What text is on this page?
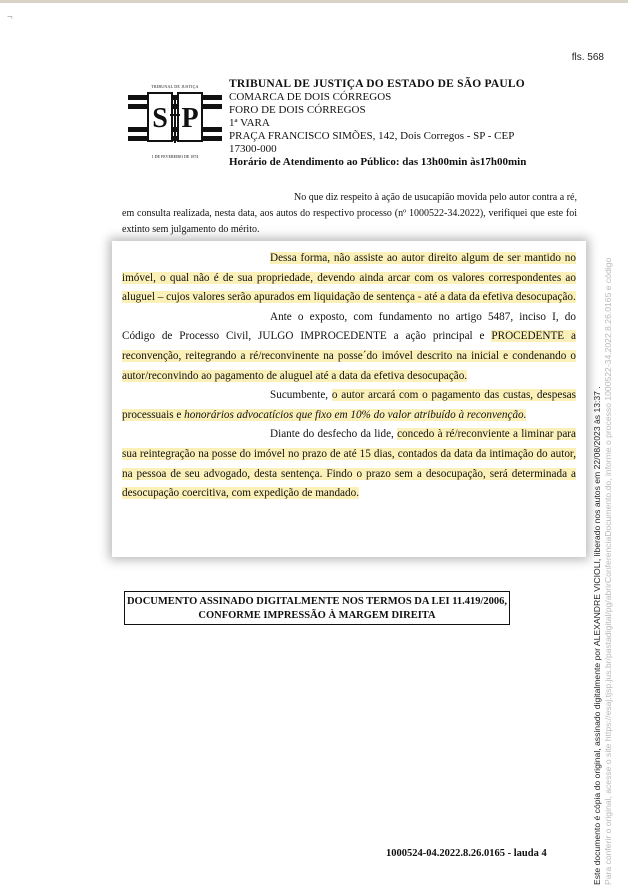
¬
fls. 568
TRIBUNAL DE JUSTIÇA
S P
1 DE FEVEREIRO DE 1874
TRIBUNAL DE JUSTIÇA DO ESTADO DE SÃO PAULO
COMARCA DE DOIS CÓRREGOS
FORO DE DOIS CÓRREGOS
1ª VARA
PRAÇA FRANCISCO SIMÕES, 142, Dois Corregos - SP - CEP
17300-000
Horário de Atendimento ao Público: das 13h00min às17h00min
No que diz respeito à ação de usucapião movida pelo autor contra a ré, em consulta realizada, nesta data, aos autos do respectivo processo (nº 1000522-34.2022), verifiquei que este foi extinto sem julgamento do mérito.

Dessa forma, não assiste ao autor direito algum de ser mantido no imóvel, o qual não é de sua propriedade, devendo ainda arcar com os valores correspondentes ao aluguel – cujos valores serão apurados em liquidação de sentença - até a data da efetiva desocupação.

Ante o exposto, com fundamento no artigo 5487, inciso I, do Código de Processo Civil, JULGO IMPROCEDENTE a ação principal e PROCEDENTE a reconvenção, reitegrando a ré/reconvinente na posse´do imóvel descrito na inicial e condenando o autor/reconvindo ao pagamento de aluguel até a data da efetiva desocupação.

Sucumbente, o autor arcará com o pagamento das custas, despesas processuais e honorários advocatícios que fixo em 10% do valor atribuído à reconvenção.

Diante do desfecho da lide, concedo à ré/reconviente a liminar para sua reintegração na posse do imóvel no prazo de até 15 dias, contados da data da intimação do autor, na pessoa de seu advogado, desta sentença. Findo o prazo sem a desocupação, será determinada a desocupação coercitiva, com expedição de mandado.

DOCUMENTO ASSINADO DIGITALMENTE NOS TERMOS DA LEI 11.419/2006,
CONFORME IMPRESSÃO À MARGEM DIREITA
1000524-04.2022.8.26.0165 - lauda 4	Este documento é cópia do original, assinado digitalmente por ALEXANDRE VICIOLI, liberado nos autos em 22/08/2023 às 13:37 . Para conferir o original, acesse o site https://esaj.tjsp.jus.br/pastadigital/pg/abrirConferenciaDocumento.do, informe o processo 1000522-34.2022.8.26.0165 e código
